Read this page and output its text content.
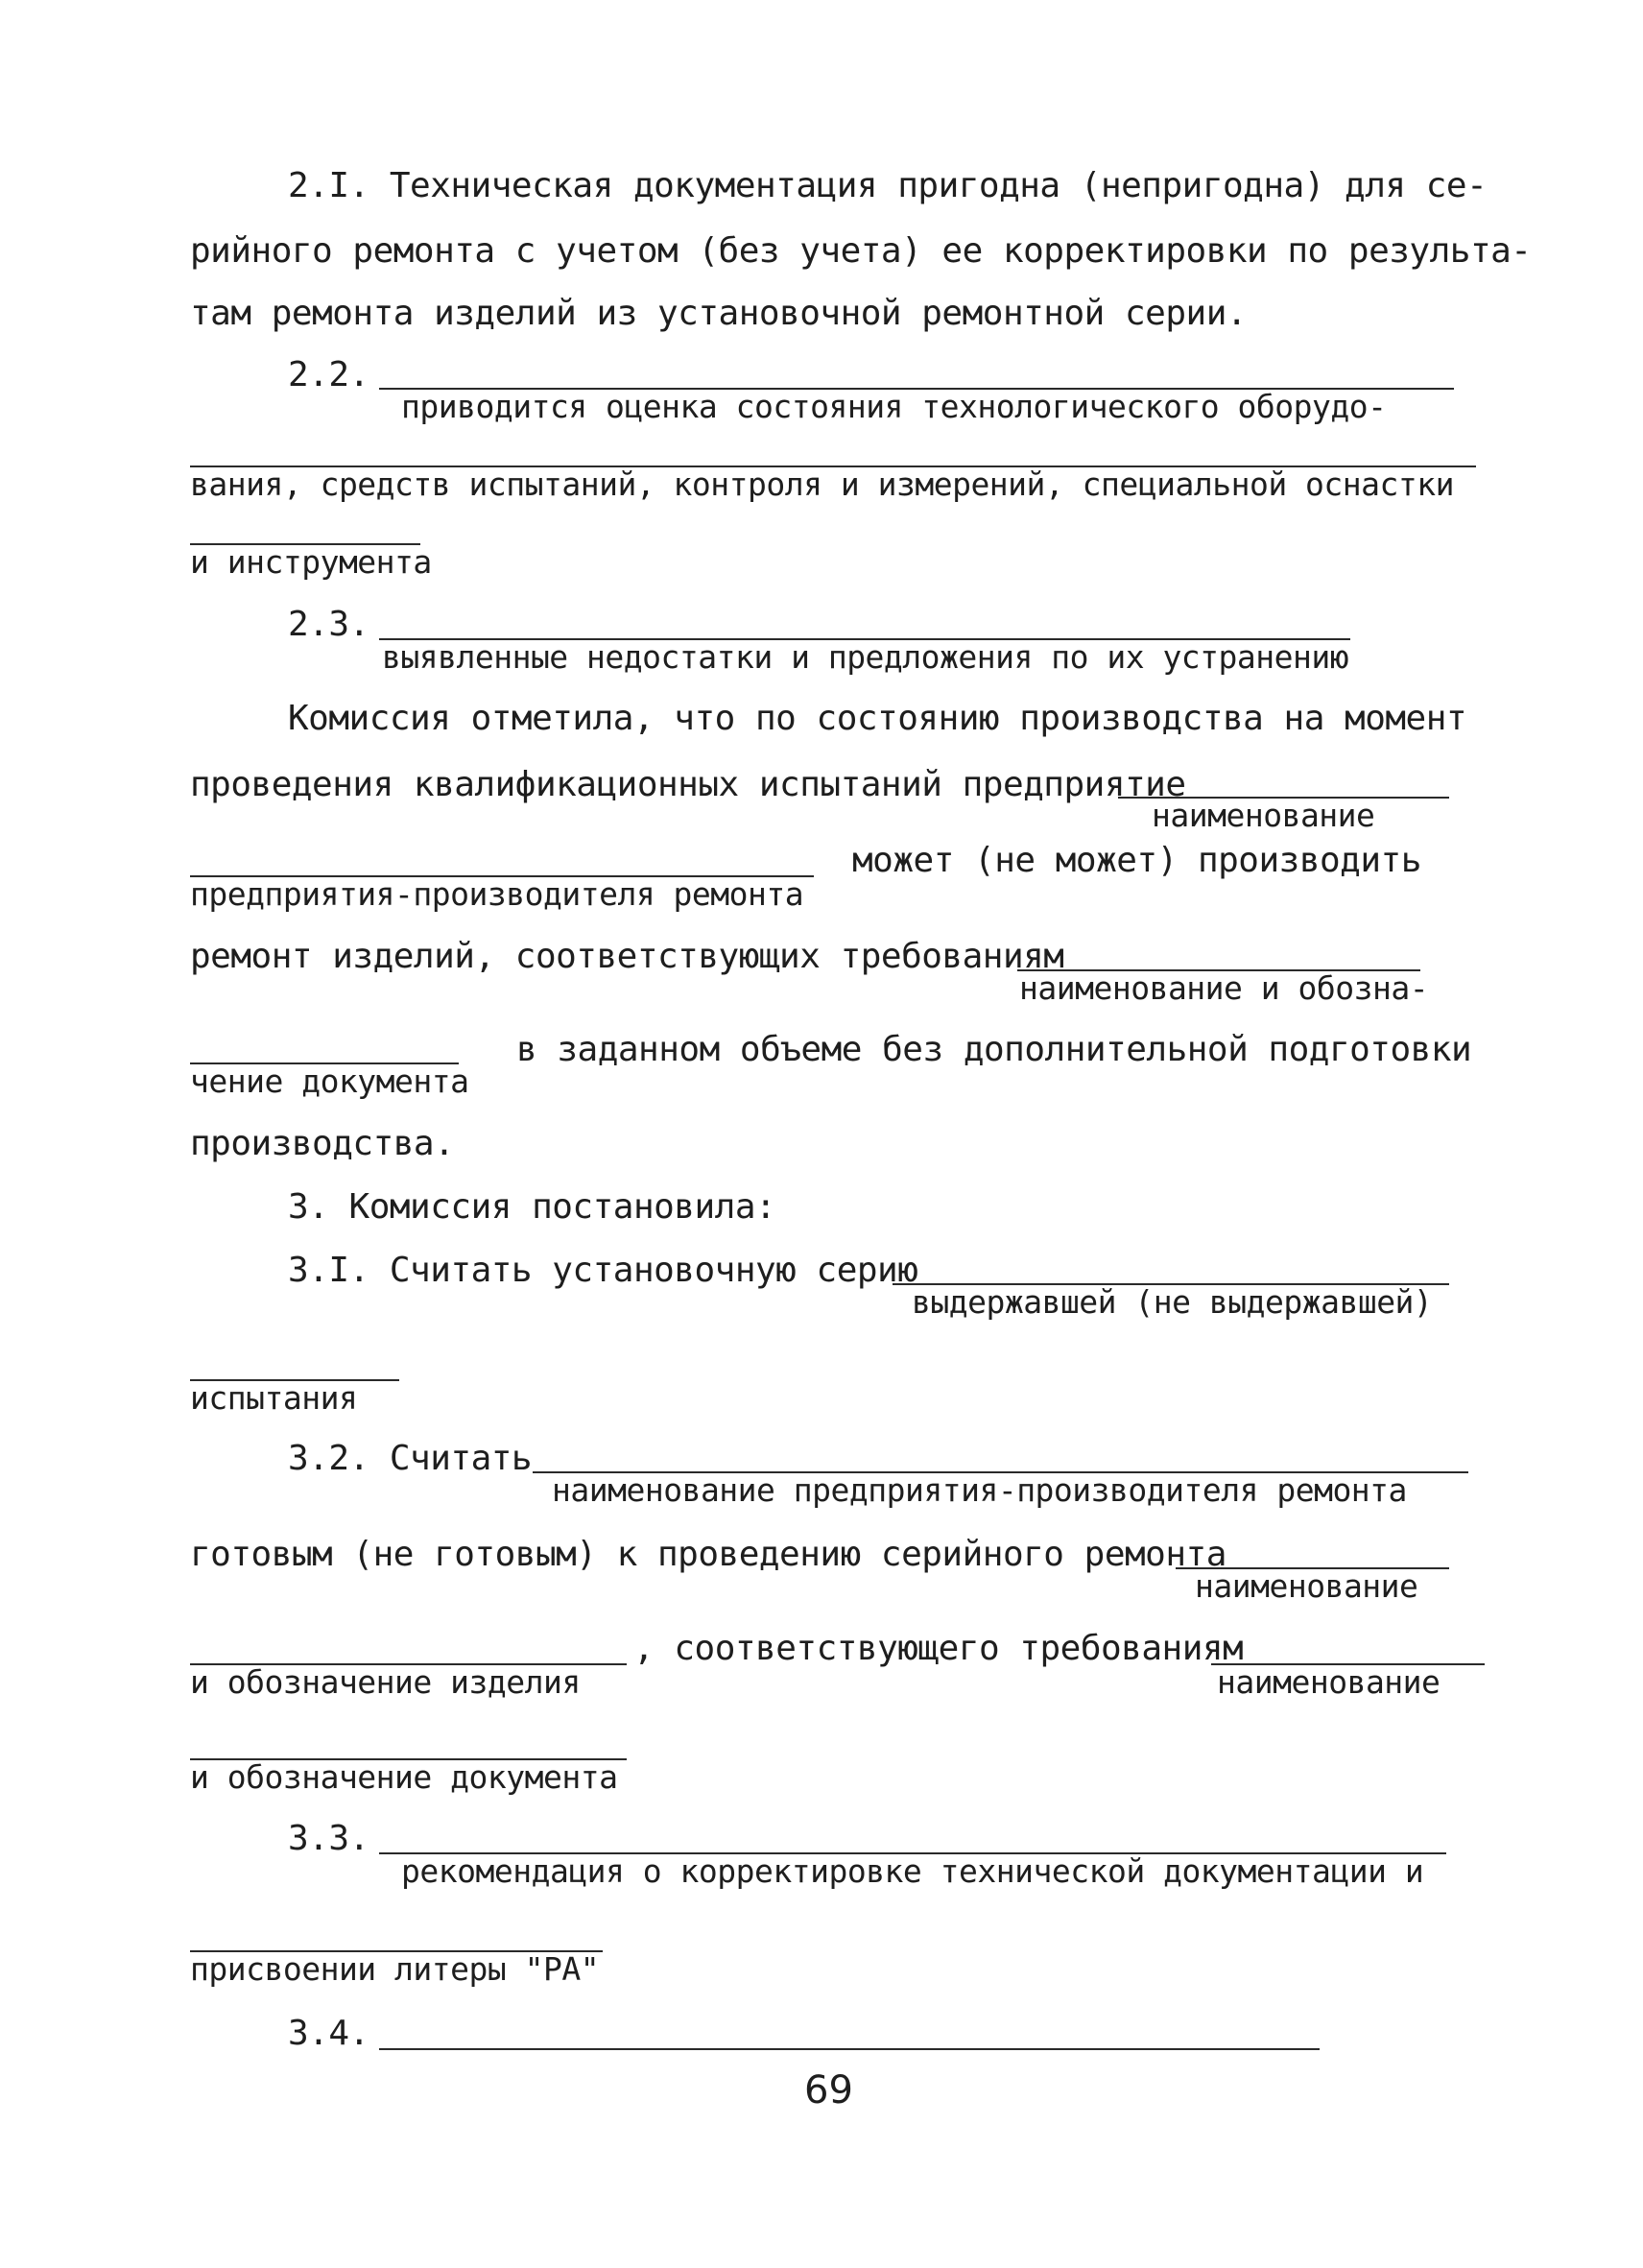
2.I. Техническая документация пригодна (непригодна) для се-
рийного ремонта с учетом (без учета) ее корректировки по результа-
там ремонта изделий из установочной ремонтной серии.
2.2.
приводится оценка состояния технологического оборудо-
вания, средств испытаний, контроля и измерений, специальной оснастки
и инструмента
2.3.
выявленные недостатки и предложения по их устранению
Комиссия отметила, что по состоянию производства на момент
проведения квалификационных испытаний предприятие
наименование
предприятия-производителя ремонта
может (не может) производить
ремонт изделий, соответствующих требованиям
наименование и обозна-
чение документа
в заданном объеме без дополнительной подготовки
производства.
3. Комиссия постановила:
3.I. Считать установочную серию
выдержавшей (не выдержавшей)
испытания
3.2. Считать
наименование предприятия-производителя ремонта
готовым (не готовым) к проведению серийного ремонта
наименование
и обозначение изделия
, соответствующего требованиям
наименование
и обозначение документа
3.3.
рекомендация о корректировке технической документации и
присвоении литеры "РА"
3.4.
69
